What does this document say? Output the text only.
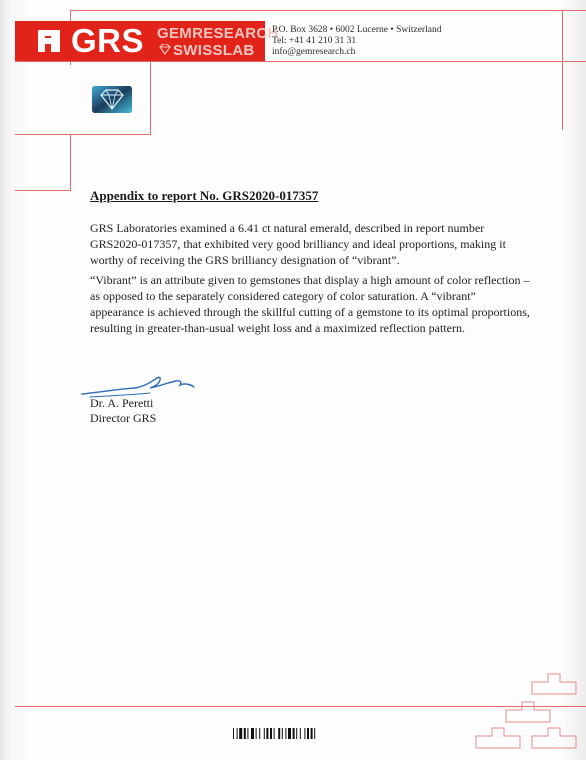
GRS GEMRESEARCH
SWISSLAB
P.O. Box 3628 • 6002 Lucerne • Switzerland
Tel: +41 41 210 31 31
info@gemresearch.ch
Appendix to report No. GRS2020-017357
GRS Laboratories examined a 6.41 ct natural emerald, described in report number GRS2020-017357, that exhibited very good brilliancy and ideal proportions, making it worthy of receiving the GRS brilliancy designation of “vibrant”.
“Vibrant” is an attribute given to gemstones that display a high amount of color reflection – as opposed to the separately considered category of color saturation. A “vibrant” appearance is achieved through the skillful cutting of a gemstone to its optimal proportions, resulting in greater-than-usual weight loss and a maximized reflection pattern.
Dr. A. Peretti
Director GRS
